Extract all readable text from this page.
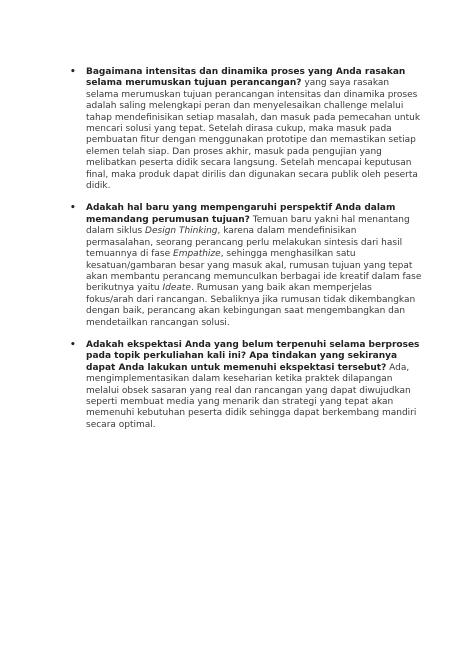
• Bagaimana intensitas dan dinamika proses yang Anda rasakan selama merumuskan tujuan perancangan? yang saya rasakan selama merumuskan tujuan perancangan intensitas dan dinamika proses adalah saling melengkapi peran dan menyelesaikan challenge melalui tahap mendefinisikan setiap masalah, dan masuk pada pemecahan untuk mencari solusi yang tepat. Setelah dirasa cukup, maka masuk pada pembuatan fitur dengan menggunakan prototipe dan memastikan setiap elemen telah siap. Dan proses akhir, masuk pada pengujian yang melibatkan peserta didik secara langsung. Setelah mencapai keputusan final, maka produk dapat dirilis dan digunakan secara publik oleh peserta didik.
• Adakah hal baru yang mempengaruhi perspektif Anda dalam memandang perumusan tujuan? Temuan baru yakni hal menantang dalam siklus Design Thinking, karena dalam mendefinisikan permasalahan, seorang perancang perlu melakukan sintesis dari hasil temuannya di fase Empathize, sehingga menghasilkan satu kesatuan/gambaran besar yang masuk akal, rumusan tujuan yang tepat akan membantu perancang memunculkan berbagai ide kreatif dalam fase berikutnya yaitu Ideate. Rumusan yang baik akan memperjelas fokus/arah dari rancangan. Sebaliknya jika rumusan tidak dikembangkan dengan baik, perancang akan kebingungan saat mengembangkan dan mendetailkan rancangan solusi.
• Adakah ekspektasi Anda yang belum terpenuhi selama berproses pada topik perkuliahan kali ini? Apa tindakan yang sekiranya dapat Anda lakukan untuk memenuhi ekspektasi tersebut? Ada, mengimplementasikan dalam keseharian ketika praktek dilapangan melalui obsek sasaran yang real dan rancangan yang dapat diwujudkan seperti membuat media yang menarik dan strategi yang tepat akan memenuhi kebutuhan peserta didik sehingga dapat berkembang mandiri secara optimal.
